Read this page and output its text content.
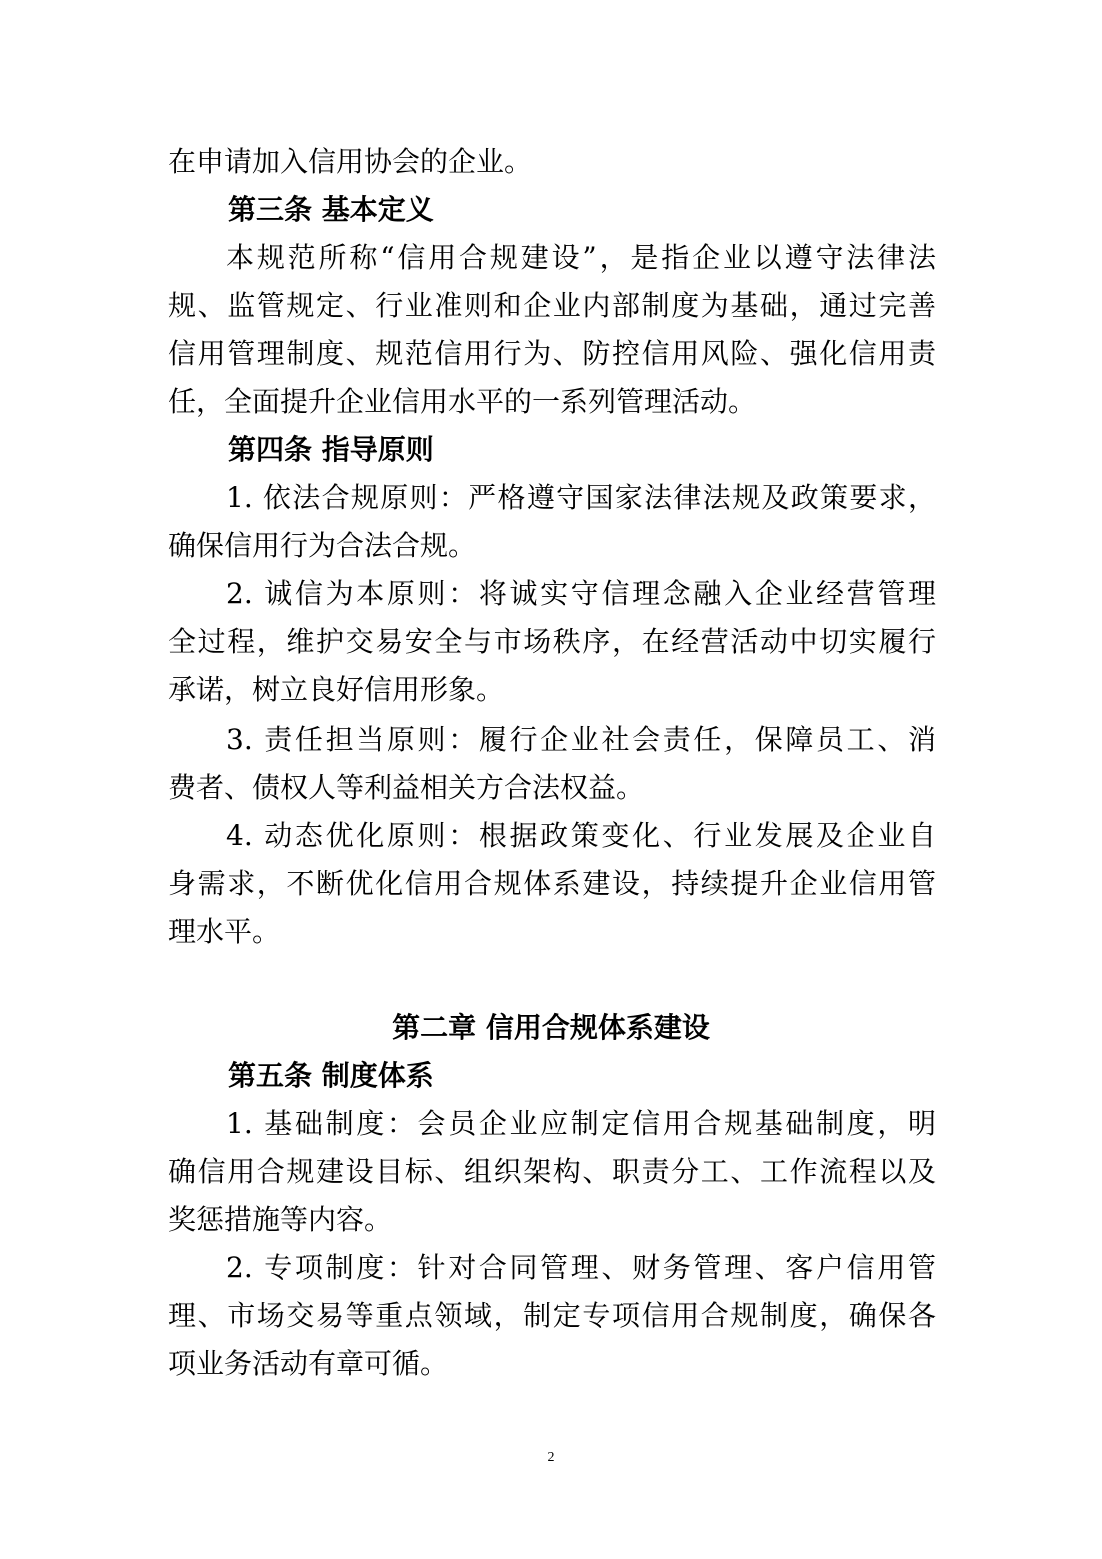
在申请加入信用协会的企业。
第三条 基本定义
本规范所称“信用合规建设”，是指企业以遵守法律法
规、监管规定、行业准则和企业内部制度为基础，通过完善
信用管理制度、规范信用行为、防控信用风险、强化信用责
任，全面提升企业信用水平的一系列管理活动。
第四条 指导原则
1. 依法合规原则：严格遵守国家法律法规及政策要求，
确保信用行为合法合规。
2. 诚信为本原则：将诚实守信理念融入企业经营管理
全过程，维护交易安全与市场秩序，在经营活动中切实履行
承诺，树立良好信用形象。
3. 责任担当原则：履行企业社会责任，保障员工、消
费者、债权人等利益相关方合法权益。
4. 动态优化原则：根据政策变化、行业发展及企业自
身需求，不断优化信用合规体系建设，持续提升企业信用管
理水平。
第二章 信用合规体系建设
第五条 制度体系
1. 基础制度：会员企业应制定信用合规基础制度，明
确信用合规建设目标、组织架构、职责分工、工作流程以及
奖惩措施等内容。
2. 专项制度：针对合同管理、财务管理、客户信用管
理、市场交易等重点领域，制定专项信用合规制度，确保各
项业务活动有章可循。
2
